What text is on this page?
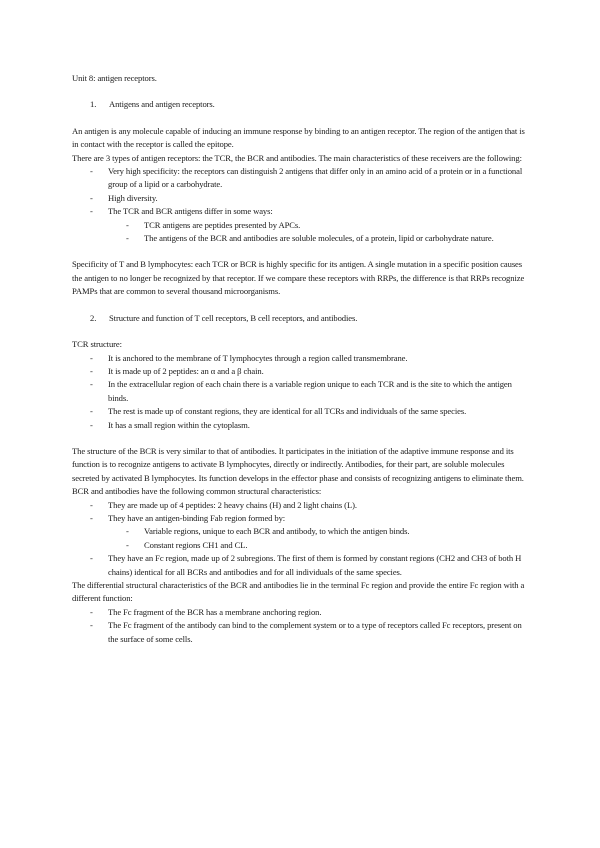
Unit 8: antigen receptors.

1. Antigens and antigen receptors.

An antigen is any molecule capable of inducing an immune response by binding to an antigen receptor. The region of the antigen that is in contact with the receptor is called the epitope.

There are 3 types of antigen receptors: the TCR, the BCR and antibodies. The main characteristics of these receivers are the following:

- Very high specificity: the receptors can distinguish 2 antigens that differ only in an amino acid of a protein or in a functional group of a lipid or a carbohydrate.
- High diversity.
- The TCR and BCR antigens differ in some ways:
- TCR antigens are peptides presented by APCs.
- The antigens of the BCR and antibodies are soluble molecules, of a protein, lipid or carbohydrate nature.

Specificity of T and B lymphocytes: each TCR or BCR is highly specific for its antigen. A single mutation in a specific position causes the antigen to no longer be recognized by that receptor. If we compare these receptors with RRPs, the difference is that RRPs recognize PAMPs that are common to several thousand microorganisms.

2. Structure and function of T cell receptors, B cell receptors, and antibodies.

TCR structure:

- It is anchored to the membrane of T lymphocytes through a region called transmembrane.
- It is made up of 2 peptides: an α and a β chain.
- In the extracellular region of each chain there is a variable region unique to each TCR and is the site to which the antigen binds.
- The rest is made up of constant regions, they are identical for all TCRs and individuals of the same species.
- It has a small region within the cytoplasm.

The structure of the BCR is very similar to that of antibodies. It participates in the initiation of the adaptive immune response and its function is to recognize antigens to activate B lymphocytes, directly or indirectly. Antibodies, for their part, are soluble molecules secreted by activated B lymphocytes. Its function develops in the effector phase and consists of recognizing antigens to eliminate them. BCR and antibodies have the following common structural characteristics:

- They are made up of 4 peptides: 2 heavy chains (H) and 2 light chains (L).
- They have an antigen-binding Fab region formed by:
- Variable regions, unique to each BCR and antibody, to which the antigen binds.
- Constant regions CH1 and CL.
- They have an Fc region, made up of 2 subregions. The first of them is formed by constant regions (CH2 and CH3 of both H chains) identical for all BCRs and antibodies and for all individuals of the same species.

The differential structural characteristics of the BCR and antibodies lie in the terminal Fc region and provide the entire Fc region with a different function:

- The Fc fragment of the BCR has a membrane anchoring region.
- The Fc fragment of the antibody can bind to the complement system or to a type of receptors called Fc receptors, present on the surface of some cells.
